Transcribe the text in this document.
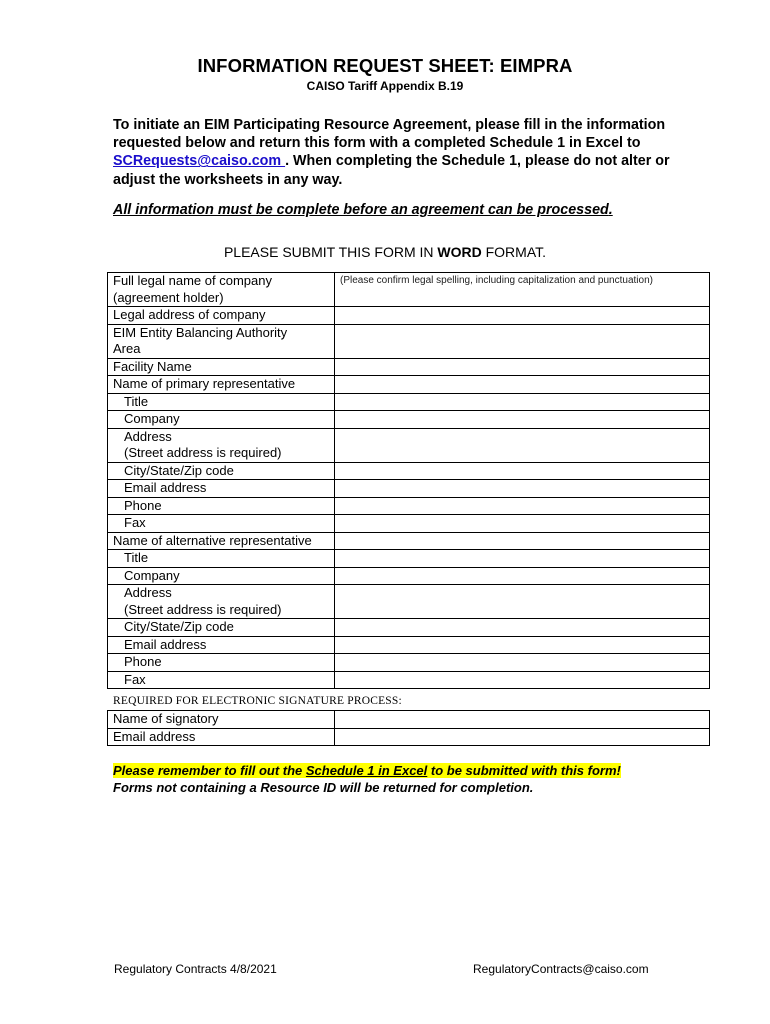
INFORMATION REQUEST SHEET: EIMPRA
CAISO Tariff Appendix B.19
To initiate an EIM Participating Resource Agreement, please fill in the information requested below and return this form with a completed Schedule 1 in Excel to SCRequests@caiso.com . When completing the Schedule 1, please do not alter or adjust the worksheets in any way.
All information must be complete before an agreement can be processed.
PLEASE SUBMIT THIS FORM IN WORD FORMAT.
Full legal name of company
(agreement holder)	(Please confirm legal spelling, including capitalization and punctuation)

Legal address of company	
EIM Entity Balancing Authority
Area	
Facility Name	
Name of primary representative	
Title	
Company	
Address
(Street address is required)	
City/State/Zip code	
Email address	
Phone	
Fax	
Name of alternative representative	
Title	
Company	
Address
(Street address is required)	
City/State/Zip code	
Email address	
Phone	
Fax	
REQUIRED FOR ELECTRONIC SIGNATURE PROCESS:
Name of signatory	
Email address	
Please remember to fill out the Schedule 1 in Excel to be submitted with this form!
Forms not containing a Resource ID will be returned for completion.
Regulatory Contracts 4/8/2021	RegulatoryContracts@caiso.com
